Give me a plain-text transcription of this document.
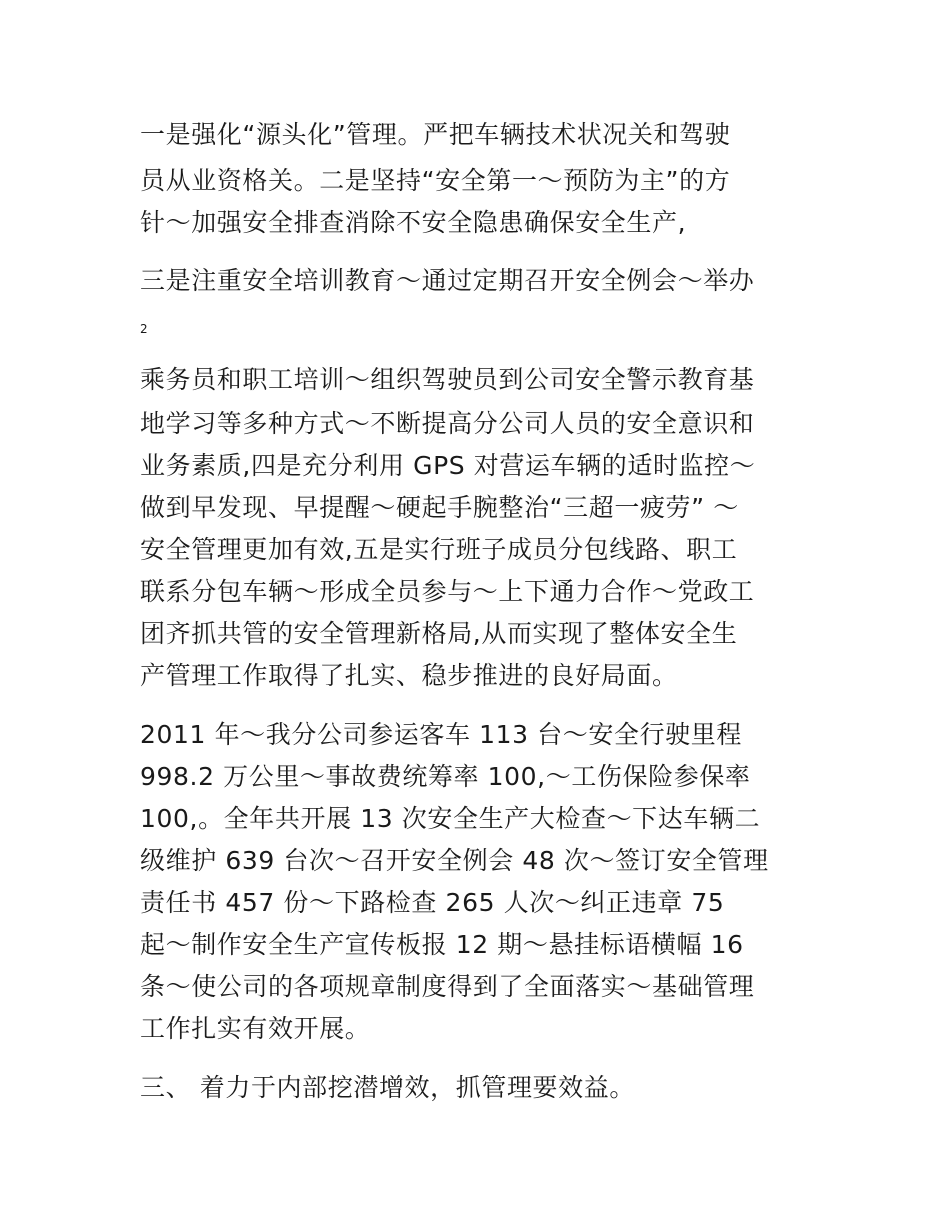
一是强化“源头化”管理。严把车辆技术状况关和驾驶
员从业资格关。二是坚持“安全第一～预防为主”的方
针～加强安全排查消除不安全隐患确保安全生产,
三是注重安全培训教育～通过定期召开安全例会～举办
2
乘务员和职工培训～组织驾驶员到公司安全警示教育基
地学习等多种方式～不断提高分公司人员的安全意识和
业务素质,四是充分利用 GPS 对营运车辆的适时监控～
做到早发现、早提醒～硬起手腕整治“三超一疲劳” ～
安全管理更加有效,五是实行班子成员分包线路、职工
联系分包车辆～形成全员参与～上下通力合作～党政工
团齐抓共管的安全管理新格局,从而实现了整体安全生
产管理工作取得了扎实、稳步推进的良好局面。
2011 年～我分公司参运客车 113 台～安全行驶里程
998.2 万公里～事故费统筹率 100,～工伤保险参保率
100,。全年共开展 13 次安全生产大检查～下达车辆二
级维护 639 台次～召开安全例会 48 次～签订安全管理
责任书 457 份～下路检查 265 人次～纠正违章 75
起～制作安全生产宣传板报 12 期～悬挂标语横幅 16
条～使公司的各项规章制度得到了全面落实～基础管理
工作扎实有效开展。
三、 着力于内部挖潜增效，抓管理要效益。
